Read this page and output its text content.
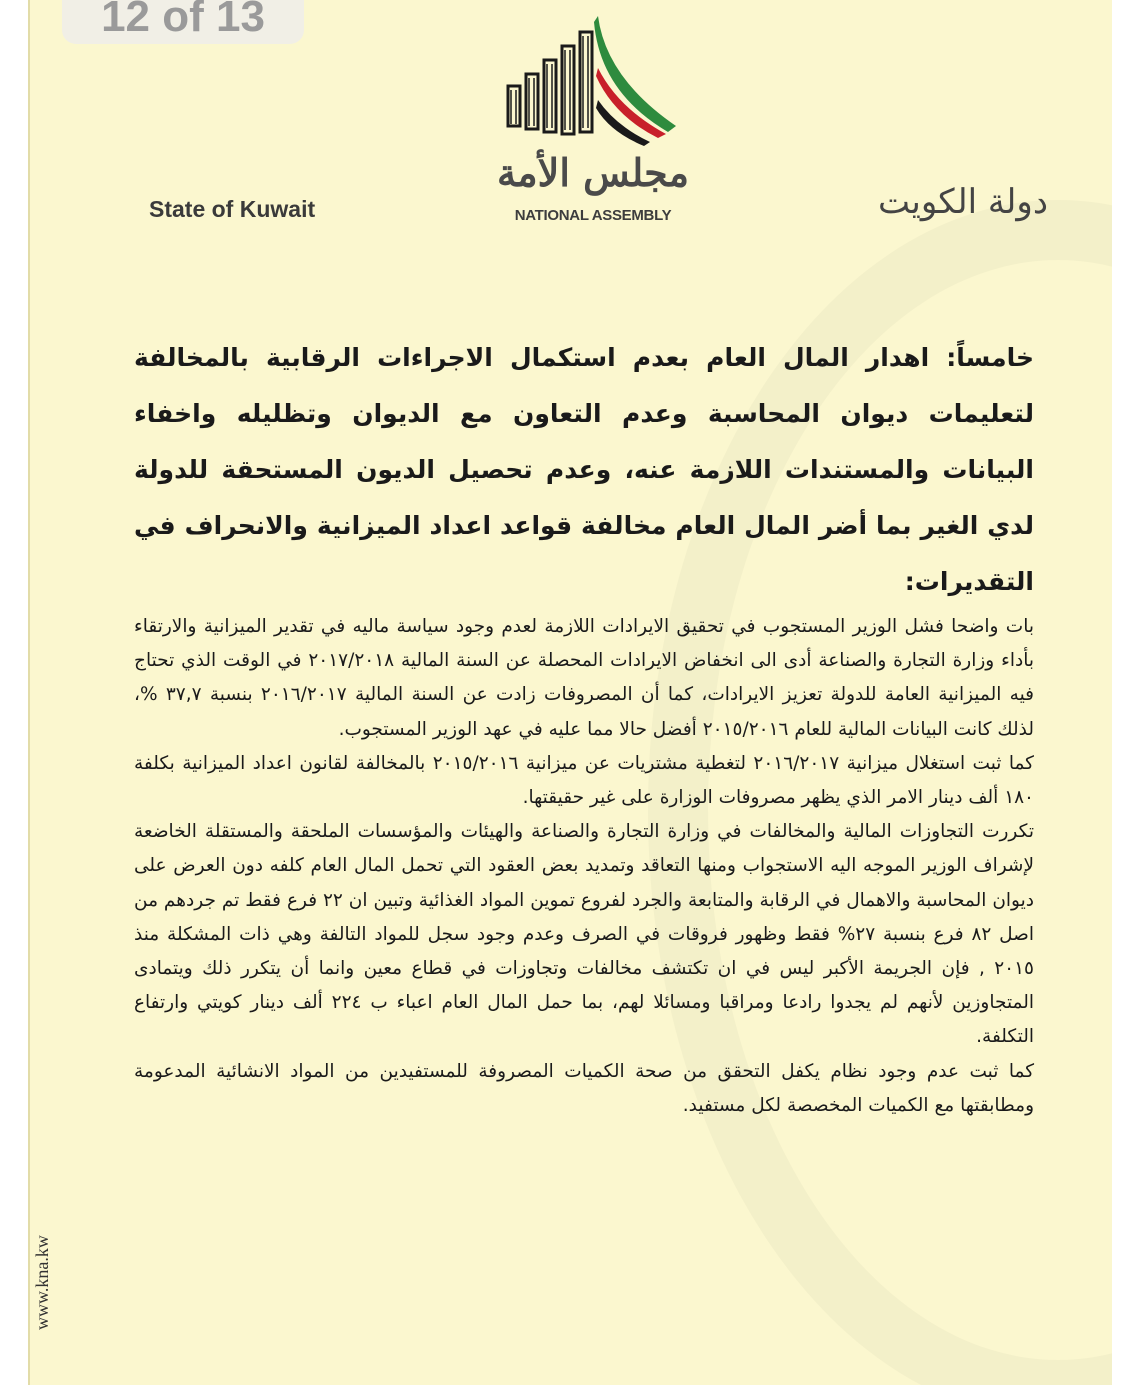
مجلس الأمة
NATIONAL ASSEMBLY
State of Kuwait	دولة الكويت

خامساً: اهدار المال العام بعدم استكمال الاجراءات الرقابية بالمخالفة لتعليمات ديوان المحاسبة وعدم التعاون مع الديوان وتظليله واخفاء البيانات والمستندات اللازمة عنه، وعدم تحصيل الديون المستحقة للدولة لدي الغير بما أضر المال العام مخالفة قواعد اعداد الميزانية والانحراف في التقديرات:

بات واضحا فشل الوزير المستجوب في تحقيق الايرادات اللازمة لعدم وجود سياسة ماليه في تقدير الميزانية والارتقاء بأداء وزارة التجارة والصناعة أدى الى انخفاض الايرادات المحصلة عن السنة المالية ٢٠١٧/٢٠١٨ في الوقت الذي تحتاج فيه الميزانية العامة للدولة تعزيز الايرادات، كما أن المصروفات زادت عن السنة المالية ٢٠١٦/٢٠١٧ بنسبة ٣٧,٧ %، لذلك كانت البيانات المالية للعام ٢٠١٥/٢٠١٦ أفضل حالا مما عليه في عهد الوزير المستجوب.

كما ثبت استغلال ميزانية ٢٠١٦/٢٠١٧ لتغطية مشتريات عن ميزانية ٢٠١٥/٢٠١٦ بالمخالفة لقانون اعداد الميزانية بكلفة ١٨٠ ألف دينار الامر الذي يظهر مصروفات الوزارة على غير حقيقتها.

تكررت التجاوزات المالية والمخالفات في وزارة التجارة والصناعة والهيئات والمؤسسات الملحقة والمستقلة الخاضعة لإشراف الوزير الموجه اليه الاستجواب ومنها التعاقد وتمديد بعض العقود التي تحمل المال العام كلفه دون العرض على ديوان المحاسبة والاهمال في الرقابة والمتابعة والجرد لفروع تموين المواد الغذائية وتبين ان ٢٢ فرع فقط تم جردهم من اصل ٨٢ فرع بنسبة ٢٧% فقط وظهور فروقات في الصرف وعدم وجود سجل للمواد التالفة وهي ذات المشكلة منذ ٢٠١٥ , فإن الجريمة الأكبر ليس في ان تكتشف مخالفات وتجاوزات في قطاع معين وانما أن يتكرر ذلك ويتمادى المتجاوزين لأنهم لم يجدوا رادعا ومراقبا ومسائلا لهم، بما حمل المال العام اعباء ب ٢٢٤ ألف دينار كويتي وارتفاع التكلفة.

كما ثبت عدم وجود نظام يكفل التحقق من صحة الكميات المصروفة للمستفيدين من المواد الانشائية المدعومة ومطابقتها مع الكميات المخصصة لكل مستفيد.

www.kna.kw
12 of 13
